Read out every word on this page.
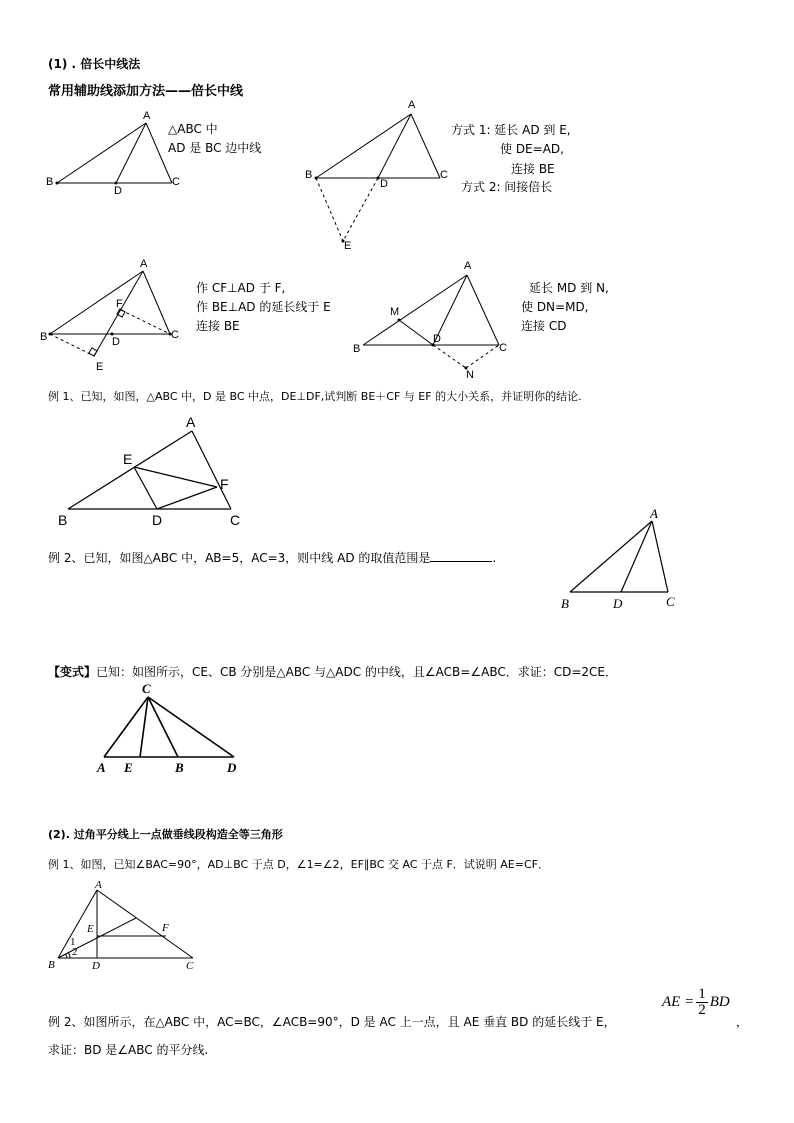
(1) . 倍长中线法
常用辅助线添加方法——倍长中线
A
B	C
D
△ABC 中
AD 是 BC 边中线
A
B	C
D
E
方式 1: 延长 AD 到 E,
使 DE=AD,
连接 BE
方式 2: 间接倍长
A
B	C
D
E
F
作 CF⊥AD 于 F,
作 BE⊥AD 的延长线于 E
连接 BE
A
B	C
D
M
N
延长 MD 到 N,
使 DN=MD,
连接 CD
例 1、已知，如图，△ABC 中，D 是 BC 中点，DE⊥DF,试判断 BE＋CF 与 EF 的大小关系，并证明你的结论.
A
B	C
D
E
F
例 2、已知，如图△ABC 中，AB=5，AC=3，则中线 AD 的取值范围是	.
A
B	C
D
【变式】已知：如图所示，CE、CB 分别是△ABC 与△ADC 的中线，且∠ACB=∠ABC．求证：CD=2CE．
C
A E	B	D
(2). 过角平分线上一点做垂线段构造全等三角形
例 1、如图，已知∠BAC=90°，AD⊥BC 于点 D，∠1=∠2，EF∥BC 交 AC 于点 F．试说明 AE=CF．
A
B	C
D
E	F
1
2
AE = $\frac{1}{2}$ BD
例 2、如图所示，在△ABC 中，AC=BC，∠ACB=90°，D 是 AC 上一点，且 AE 垂直 BD 的延长线于 E，	，
求证：BD 是∠ABC 的平分线.
